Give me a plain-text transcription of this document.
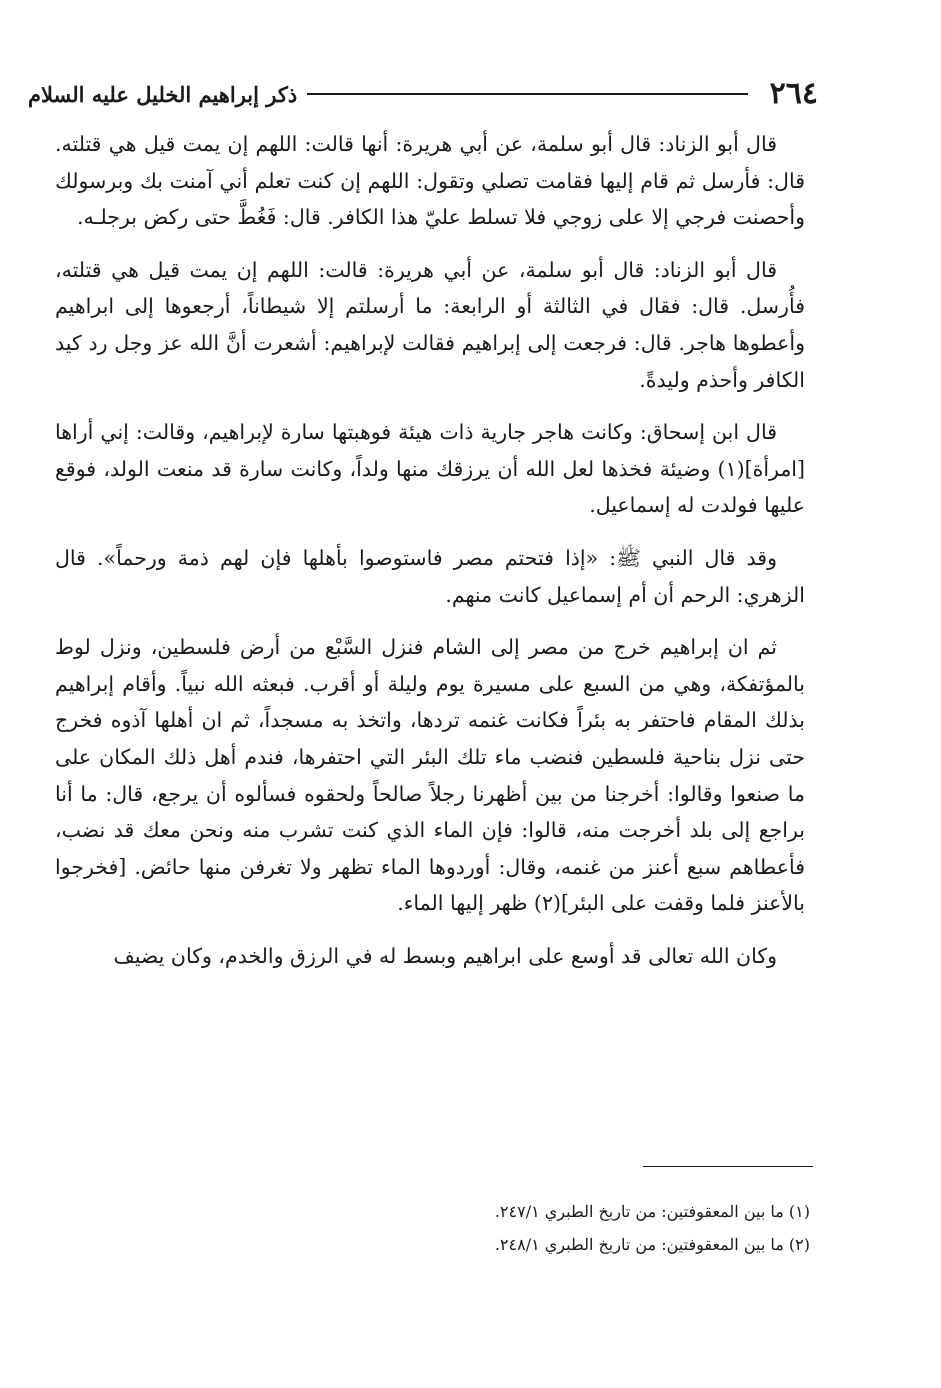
٢٦٤
ذكر إبراهيم الخليل عليه السلام

قال أبو الزناد: قال أبو سلمة، عن أبي هريرة: أنها قالت: اللهم إن يمت قيل هي قتلته. قال: فأرسل ثم قام إليها فقامت تصلي وتقول: اللهم إن كنت تعلم أني آمنت بك وبرسولك وأحصنت فرجي إلا على زوجي فلا تسلط عليّ هذا الكافر. قال: فَغُطَّ حتى ركض برجلـه.

قال أبو الزناد: قال أبو سلمة، عن أبي هريرة: قالت: اللهم إن يمت قيل هي قتلته، فأُرسل. قال: فقال في الثالثة أو الرابعة: ما أرسلتم إلا شيطاناً، أرجعوها إلى ابراهيم وأعطوها هاجر. قال: فرجعت إلى إبراهيم فقالت لإبراهيم: أشعرت أنَّ الله عز وجل رد كيد الكافر وأحذم وليدةً.

قال ابن إسحاق: وكانت هاجر جارية ذات هيئة فوهبتها سارة لإبراهيم، وقالت: إني أراها [امرأة](١) وضيئة فخذها لعل الله أن يرزقك منها ولداً، وكانت سارة قد منعت الولد، فوقع عليها فولدت له إسماعيل.

وقد قال النبي ﷺ: «إذا فتحتم مصر فاستوصوا بأهلها فإن لهم ذمة ورحماً». قال الزهري: الرحم أن أم إسماعيل كانت منهم.

ثم ان إبراهيم خرج من مصر إلى الشام فنزل السَّبْع من أرض فلسطين، ونزل لوط بالمؤتفكة، وهي من السبع على مسيرة يوم وليلة أو أقرب. فبعثه الله نبياً. وأقام إبراهيم بذلك المقام فاحتفر به بئراً فكانت غنمه تردها، واتخذ به مسجداً، ثم ان أهلها آذوه فخرج حتى نزل بناحية فلسطين فنضب ماء تلك البئر التي احتفرها، فندم أهل ذلك المكان على ما صنعوا وقالوا: أخرجنا من بين أظهرنا رجلاً صالحاً ولحقوه فسألوه أن يرجع، قال: ما أنا براجع إلى بلد أخرجت منه، قالوا: فإن الماء الذي كنت تشرب منه ونحن معك قد نضب، فأعطاهم سبع أعنز من غنمه، وقال: أوردوها الماء تظهر ولا تغرفن منها حائض. [فخرجوا بالأعنز فلما وقفت على البئر](٢) ظهر إليها الماء.

وكان الله تعالى قد أوسع على ابراهيم وبسط له في الرزق والخدم، وكان يضيف

(١) ما بين المعقوفتين: من تاريخ الطبري ٢٤٧/١.

(٢) ما بين المعقوفتين: من تاريخ الطبري ٢٤٨/١.
